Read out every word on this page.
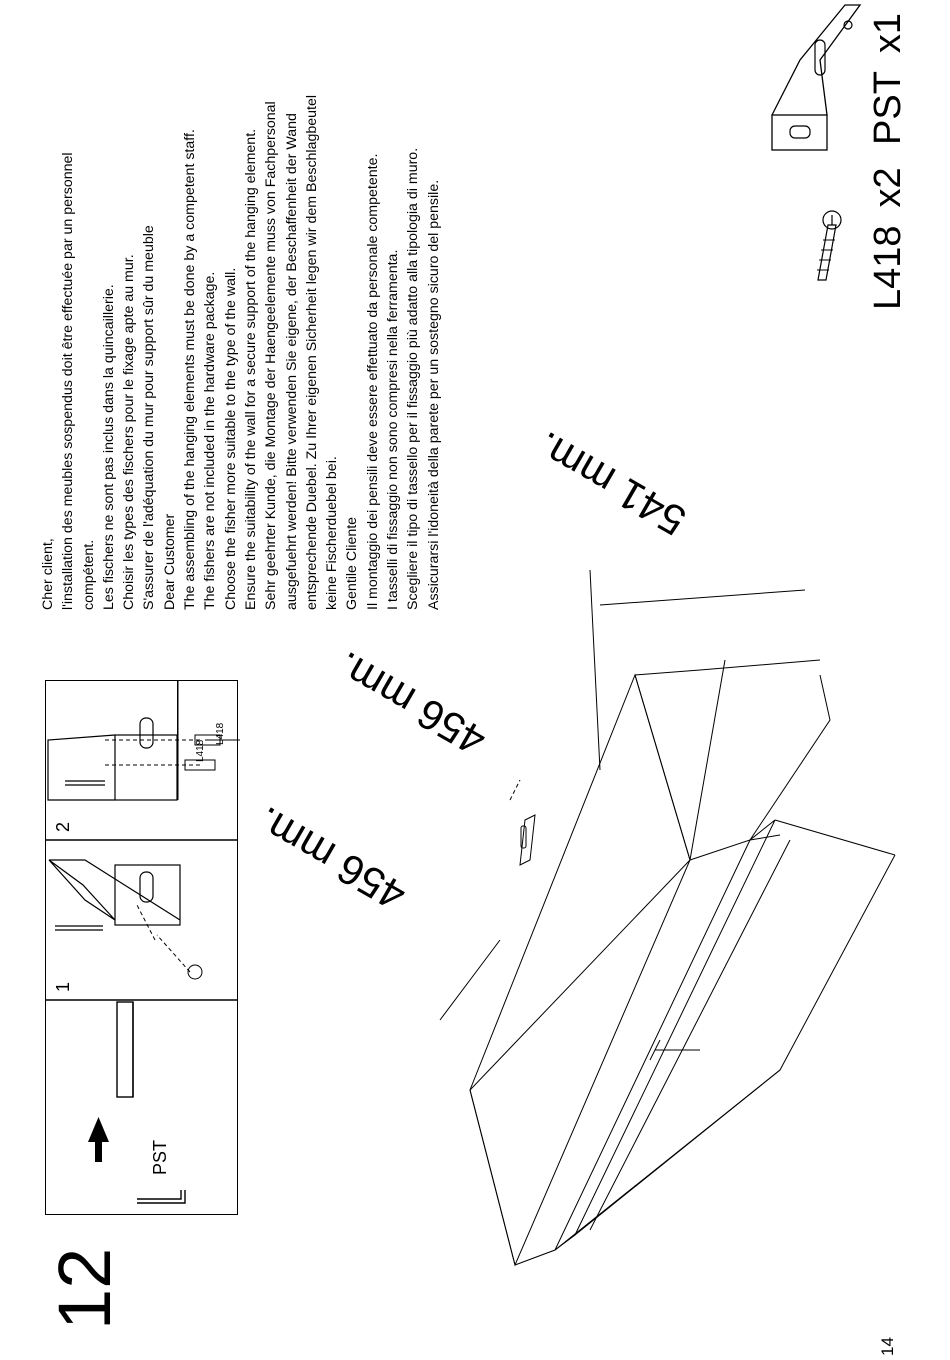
12
14
PST
1
2
L418
L418
L418x2
PSTx1
Cher client, l'installation des meubles sospendus doit être effectuée par un personnel compétent. Les fischers ne sont pas inclus dans la quincaillerie. Choisir les types des fischers pour le fixage apte au mur. S'assurer de l'adéquation du mur pour support sûr du meuble Dear Customer The assembling of the hanging elements must be done by a competent staff. The fishers are not included in the hardware package. Choose the fisher more suitable to the type of the wall. Ensure the suitability of the wall for a secure support of the hanging element. Sehr geehrter Kunde, die Montage der Haengeelemente muss von Fachpersonal ausgefuehrt werden! Bitte verwenden Sie eigene, der Beschaffenheit der Wand entsprechende Duebel. Zu Ihrer eigenen Sicherheit legen wir dem Beschlagbeutel keine Fischerduebel bei. Gentile Cliente Il montaggio dei pensili deve essere effettuato da personale competente. I tasselli di fissaggio non sono compresi nella ferramenta. Scegliere il tipo di tassello per il fissaggio più adatto alla tipologia di muro. Assicurarsi l'idoneità della parete per un sostegno sicuro del pensile.
456 mm.
456 mm.
541 mm.
